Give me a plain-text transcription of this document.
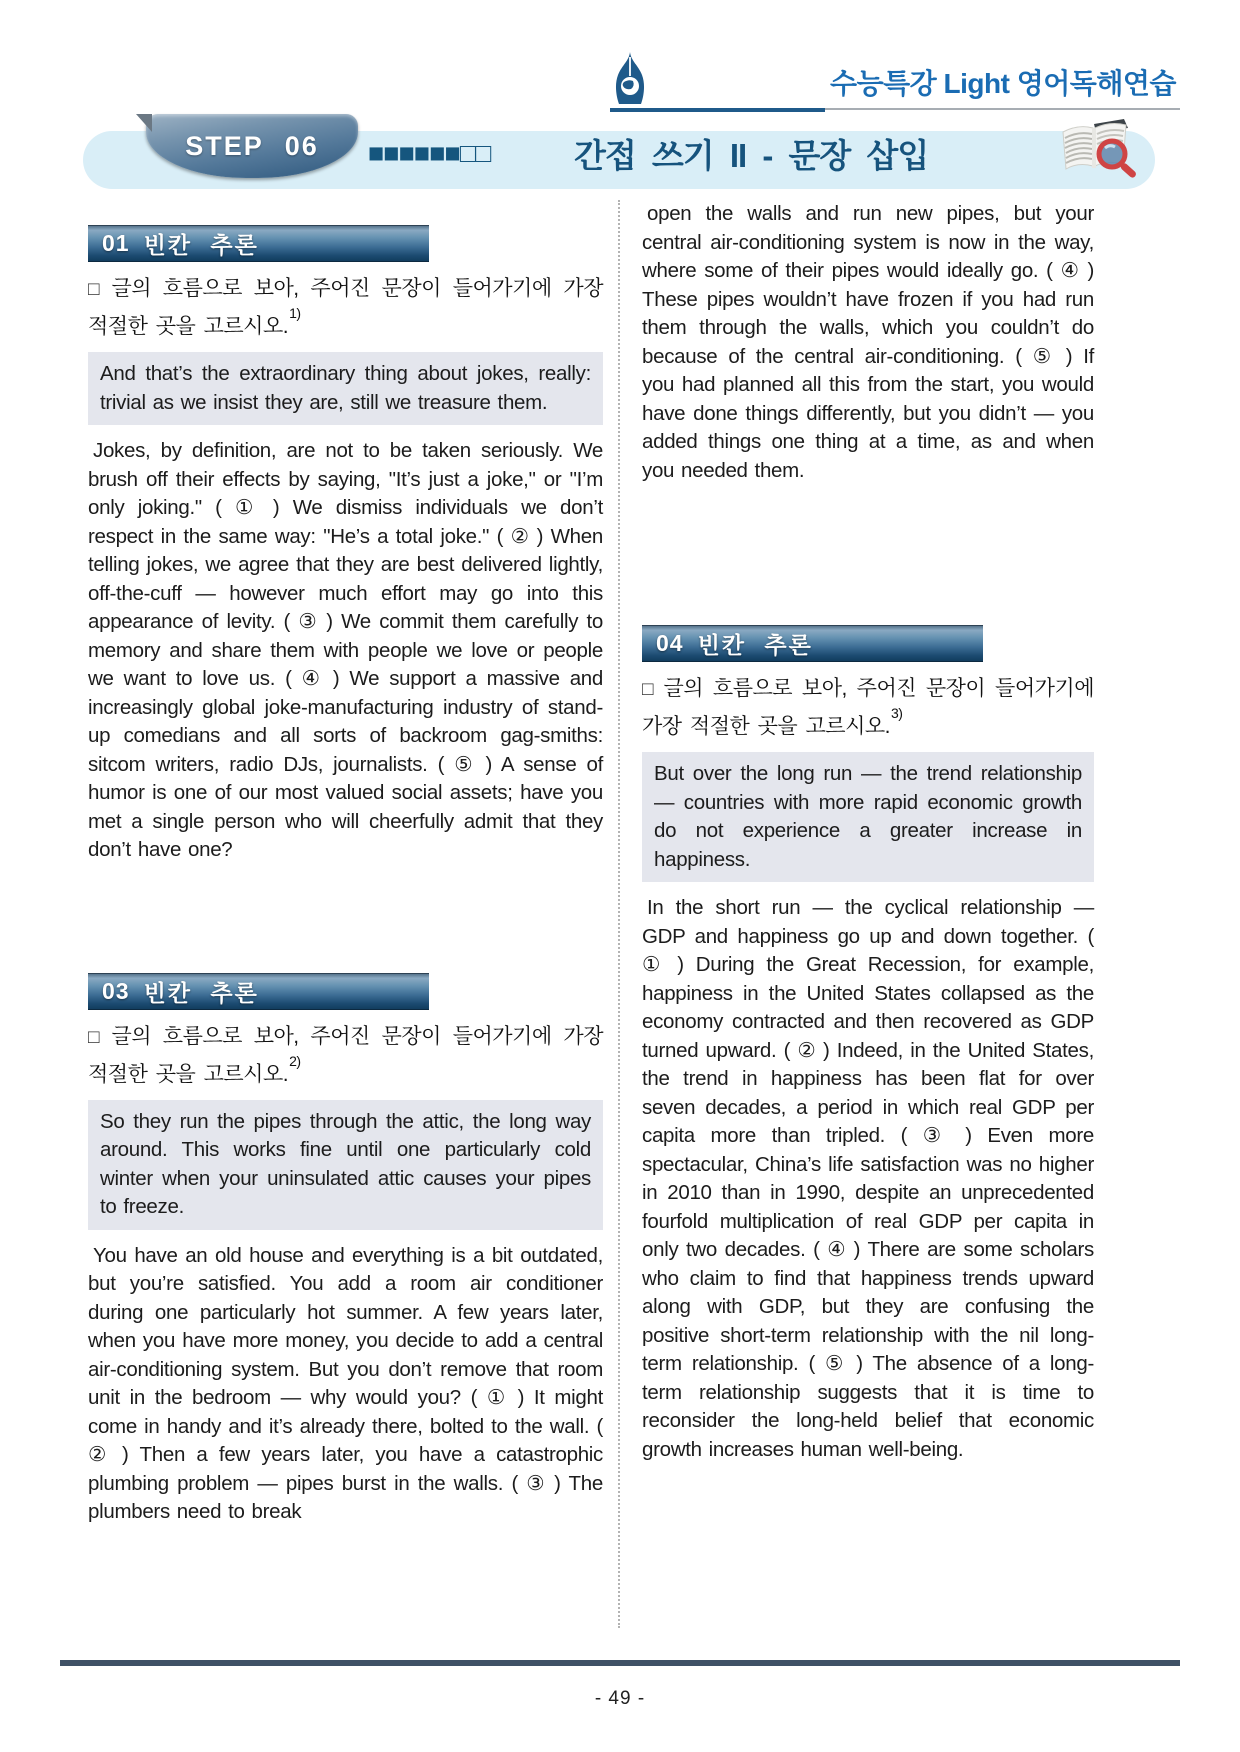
수능특강 Light 영어독해연습
STEP 06 ■■■■■■□□	간접 쓰기 II - 문장 삽입
01 빈칸 추론

□ 글의 흐름으로 보아, 주어진 문장이 들어가기에 가장 적절한 곳을 고르시오.$^{1)}$

And that’s the extraordinary thing about jokes, really: trivial as we insist they are, still we treasure them.

Jokes, by definition, are not to be taken seriously. We brush off their effects by saying, "It’s just a joke," or "I’m only joking." ( ① ) We dismiss individuals we don’t respect in the same way: "He’s a total joke." ( ② ) When telling jokes, we agree that they are best delivered lightly, off-the-cuff — however much effort may go into this appearance of levity. ( ③ ) We commit them carefully to memory and share them with people we love or people we want to love us. ( ④ ) We support a massive and increasingly global joke-manufacturing industry of stand-up comedians and all sorts of backroom gag-smiths: sitcom writers, radio DJs, journalists. ( ⑤ ) A sense of humor is one of our most valued social assets; have you met a single person who will cheerfully admit that they don’t have one?

03 빈칸 추론

□ 글의 흐름으로 보아, 주어진 문장이 들어가기에 가장 적절한 곳을 고르시오.$^{2)}$

So they run the pipes through the attic, the long way around. This works fine until one particularly cold winter when your uninsulated attic causes your pipes to freeze.

You have an old house and everything is a bit outdated, but you’re satisfied. You add a room air conditioner during one particularly hot summer. A few years later, when you have more money, you decide to add a central air-conditioning system. But you don’t remove that room unit in the bedroom — why would you? ( ① ) It might come in handy and it’s already there, bolted to the wall. ( ② ) Then a few years later, you have a catastrophic plumbing problem — pipes burst in the walls. ( ③ ) The plumbers need to break

open the walls and run new pipes, but your central air-conditioning system is now in the way, where some of their pipes would ideally go. ( ④ ) These pipes wouldn’t have frozen if you had run them through the walls, which you couldn’t do because of the central air-conditioning. ( ⑤ ) If you had planned all this from the start, you would have done things differently, but you didn’t — you added things one thing at a time, as and when you needed them.

04 빈칸 추론

□ 글의 흐름으로 보아, 주어진 문장이 들어가기에 가장 적절한 곳을 고르시오.$^{3)}$

But over the long run — the trend relationship — countries with more rapid economic growth do not experience a greater increase in happiness.

In the short run — the cyclical relationship — GDP and happiness go up and down together. ( ① ) During the Great Recession, for example, happiness in the United States collapsed as the economy contracted and then recovered as GDP turned upward. ( ② ) Indeed, in the United States, the trend in happiness has been flat for over seven decades, a period in which real GDP per capita more than tripled. ( ③ ) Even more spectacular, China’s life satisfaction was no higher in 2010 than in 1990, despite an unprecedented fourfold multiplication of real GDP per capita in only two decades. ( ④ ) There are some scholars who claim to find that happiness trends upward along with GDP, but they are confusing the positive short-term relationship with the nil long-term relationship. ( ⑤ ) The absence of a long-term relationship suggests that it is time to reconsider the long-held belief that economic growth increases human well-being.

- 49 -
